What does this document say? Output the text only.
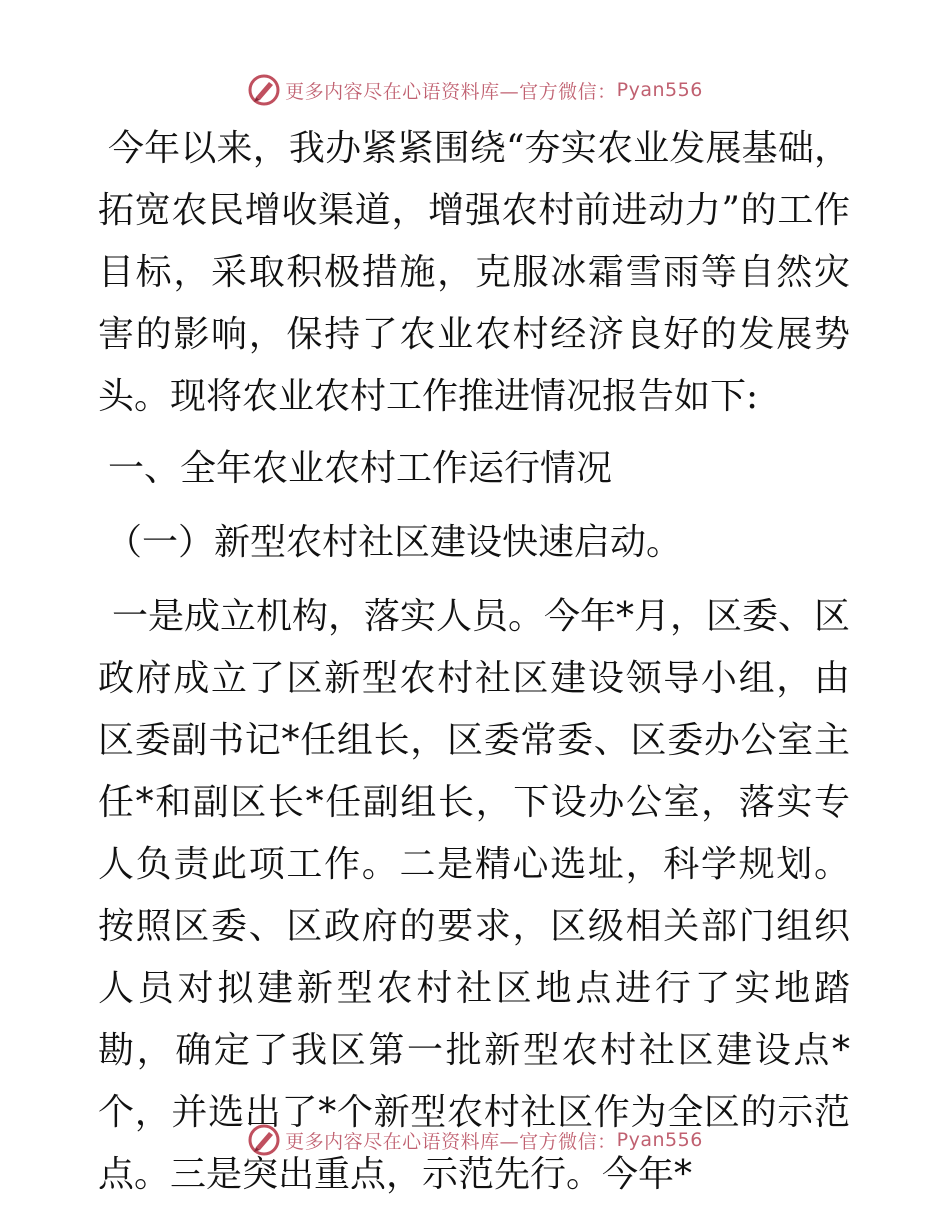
更多内容尽在心语资料库—官方微信： Pyan556

今年以来，我办紧紧围绕“夯实农业发展基础，拓宽农民增收渠道，增强农村前进动力”的工作目标，采取积极措施，克服冰霜雪雨等自然灾害的影响，保持了农业农村经济良好的发展势头。现将农业农村工作推进情况报告如下:

一、全年农业农村工作运行情况

（一）新型农村社区建设快速启动。

一是成立机构，落实人员。今年*月，区委、区政府成立了区新型农村社区建设领导小组，由区委副书记*任组长，区委常委、区委办公室主任*和副区长*任副组长，下设办公室，落实专人负责此项工作。二是精心选址，科学规划。按照区委、区政府的要求，区级相关部门组织人员对拟建新型农村社区地点进行了实地踏勘，确定了我区第一批新型农村社区建设点*个，并选出了*个新型农村社区作为全区的示范点。三是突出重点，示范先行。今年*

更多内容尽在心语资料库—官方微信： Pyan556
